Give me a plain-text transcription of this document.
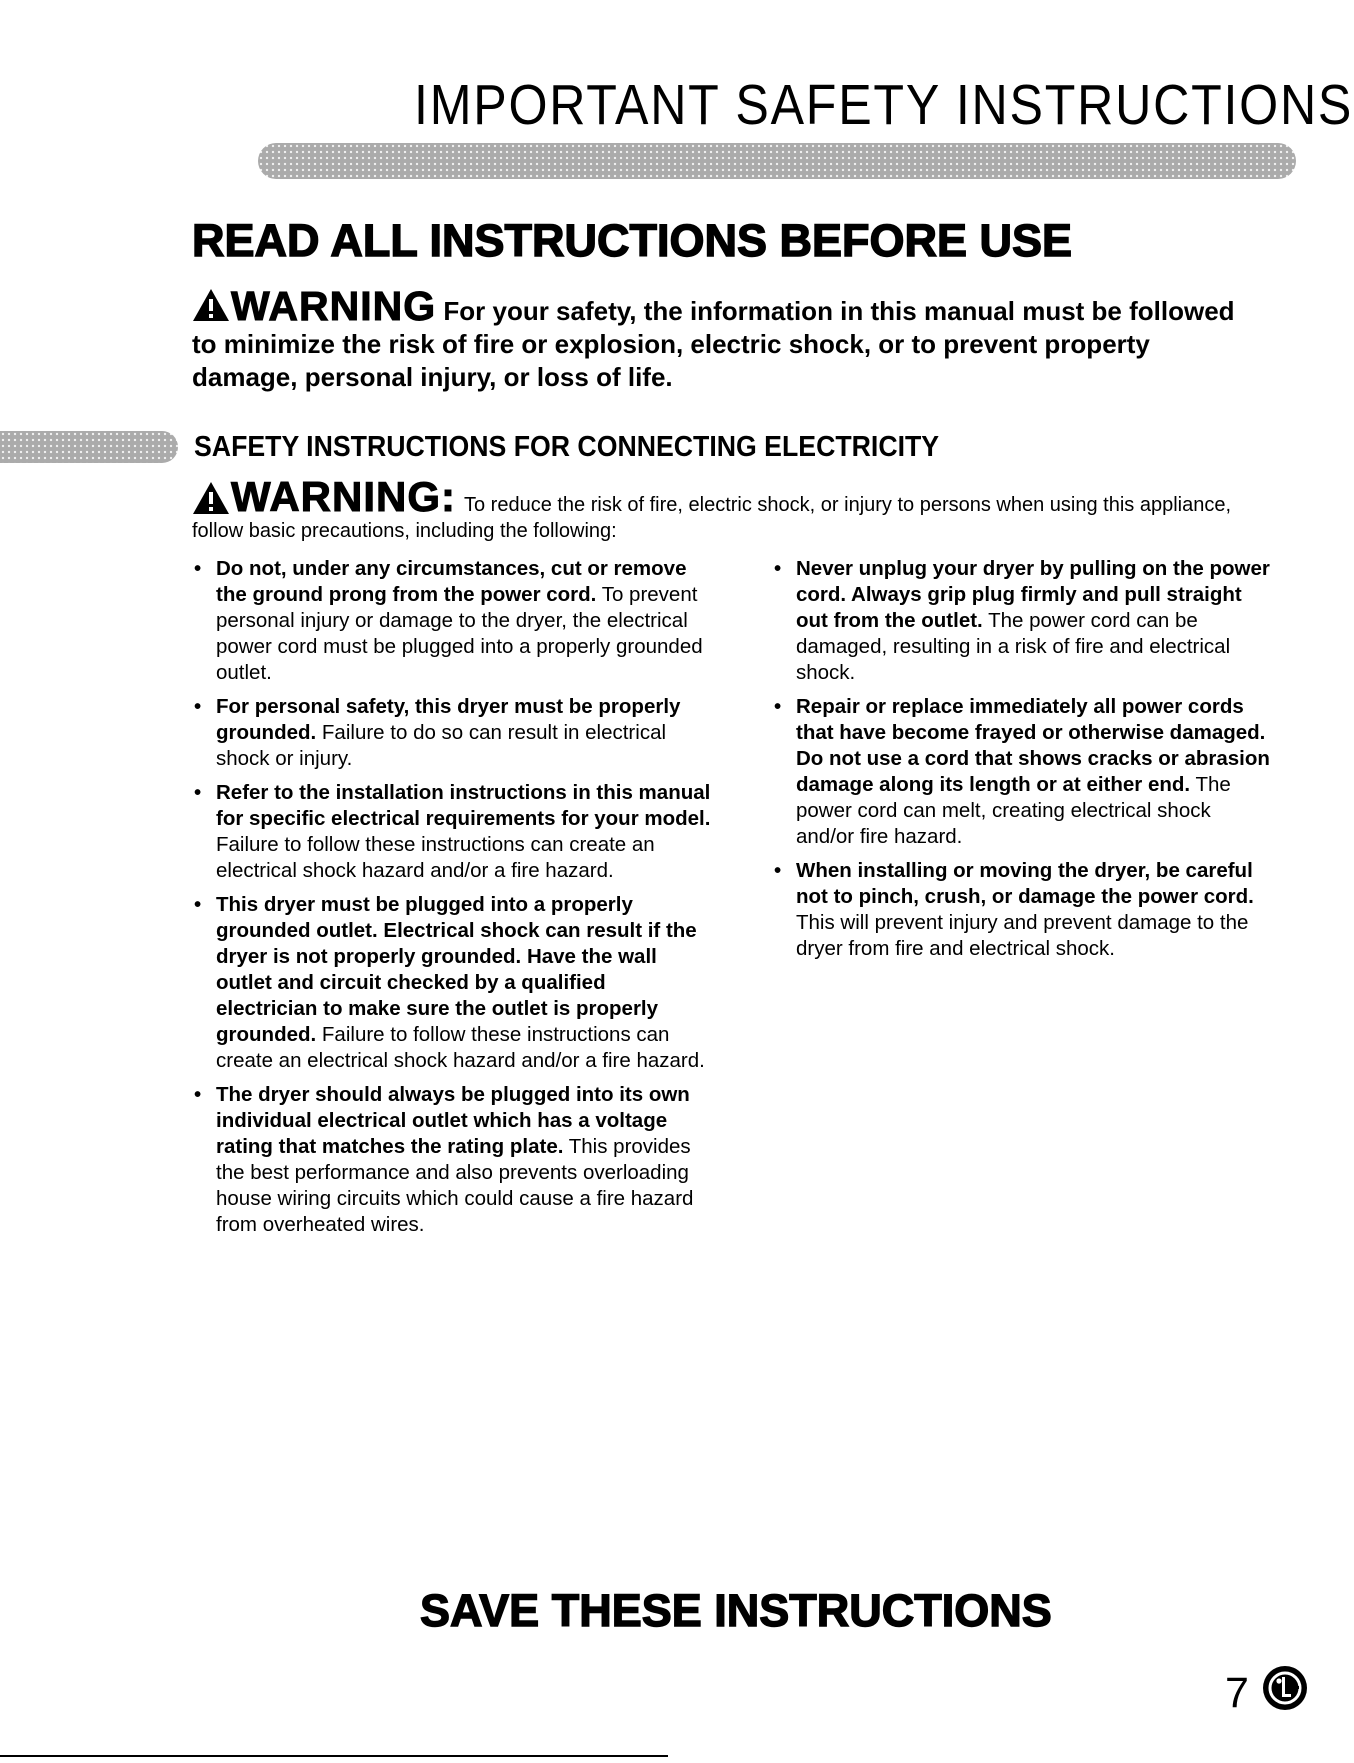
IMPORTANT SAFETY INSTRUCTIONS
READ ALL INSTRUCTIONS BEFORE USE

WARNING For your safety, the information in this manual must be followed to minimize the risk of fire or explosion, electric shock, or to prevent property damage, personal injury, or loss of life.

SAFETY INSTRUCTIONS FOR CONNECTING ELECTRICITY

WARNING: To reduce the risk of fire, electric shock, or injury to persons when using this appliance, follow basic precautions, including the following:

• Do not, under any circumstances, cut or remove the ground prong from the power cord. To prevent personal injury or damage to the dryer, the electrical power cord must be plugged into a properly grounded outlet.
• For personal safety, this dryer must be properly grounded. Failure to do so can result in electrical shock or injury.
• Refer to the installation instructions in this manual for specific electrical requirements for your model. Failure to follow these instructions can create an electrical shock hazard and/or a fire hazard.
• This dryer must be plugged into a properly grounded outlet. Electrical shock can result if the dryer is not properly grounded. Have the wall outlet and circuit checked by a qualified electrician to make sure the outlet is properly grounded. Failure to follow these instructions can create an electrical shock hazard and/or a fire hazard.
• The dryer should always be plugged into its own individual electrical outlet which has a voltage rating that matches the rating plate. This provides the best performance and also prevents overloading house wiring circuits which could cause a fire hazard from overheated wires.
• Never unplug your dryer by pulling on the power cord. Always grip plug firmly and pull straight out from the outlet. The power cord can be damaged, resulting in a risk of fire and electrical shock.
• Repair or replace immediately all power cords that have become frayed or otherwise damaged. Do not use a cord that shows cracks or abrasion damage along its length or at either end. The power cord can melt, creating electrical shock and/or fire hazard.
• When installing or moving the dryer, be careful not to pinch, crush, or damage the power cord. This will prevent injury and prevent damage to the dryer from fire and electrical shock.
SAVE THESE INSTRUCTIONS
7
